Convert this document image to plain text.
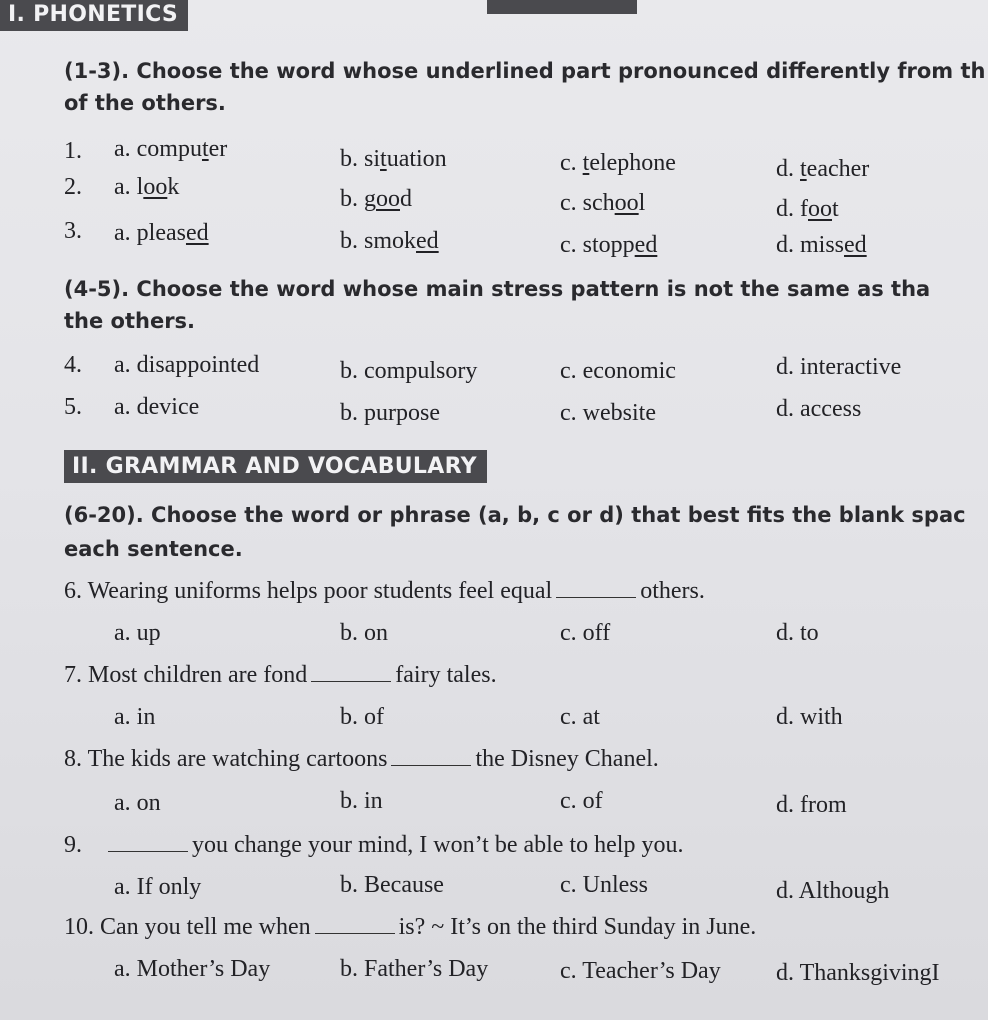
I. PHONETICS
(1-3). Choose the word whose underlined part pronounced differently from th
of the others.
1. a. computer	b. situation	c. telephone	d. teacher
2. a. look	b. good	c. school	d. foot
3. a. pleased	b. smoked	c. stopped	d. missed
(4-5). Choose the word whose main stress pattern is not the same as tha
the others.
4. a. disappointed	b. compulsory	c. economic	d. interactive
5. a. device	b. purpose	c. website	d. access
II. GRAMMAR AND VOCABULARY
(6-20). Choose the word or phrase (a, b, c or d) that best fits the blank spac
each sentence.
6. Wearing uniforms helps poor students feel equal	others.
a. up	b. on	c. off	d. to
7. Most children are fond	fairy tales.
a. in	b. of	c. at	d. with
8. The kids are watching cartoons	the Disney Chanel.
a. on	b. in	c. of	d. from
9.	you change your mind, I won’t be able to help you.
a. If only	b. Because	c. Unless	d. Although
10. Can you tell me when	is? ~ It’s on the third Sunday in June.
a. Mother’s Day	b. Father’s Day	c. Teacher’s Day d. ThanksgivingI
